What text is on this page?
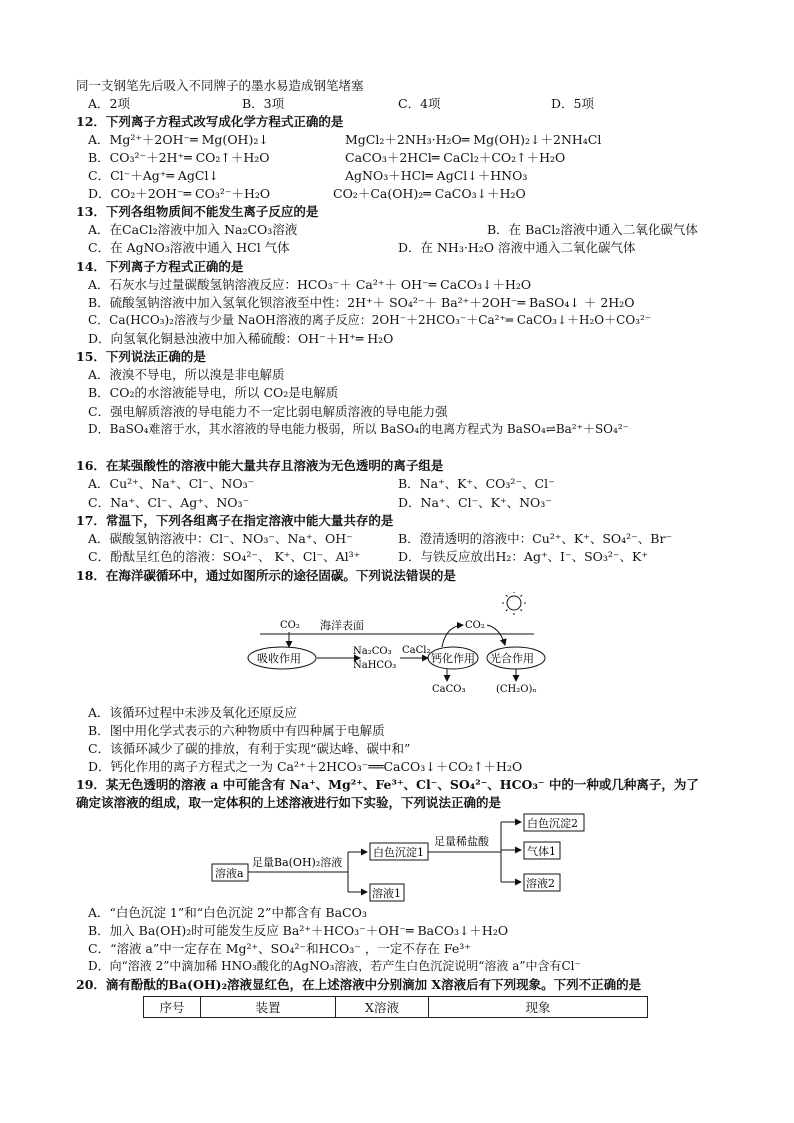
同一支钢笔先后吸入不同牌子的墨水易造成钢笔堵塞
A．2项	B．3项	C．4项	D．5项
12．下列离子方程式改写成化学方程式正确的是
A．Mg²⁺＋2OH⁻═ Mg(OH)₂↓	MgCl₂＋2NH₃·H₂O═ Mg(OH)₂↓＋2NH₄Cl
B．CO₃²⁻＋2H⁺═ CO₂↑＋H₂O	CaCO₃＋2HCl═ CaCl₂＋CO₂↑＋H₂O
C．Cl⁻＋Ag⁺═ AgCl↓	AgNO₃＋HCl═ AgCl↓＋HNO₃
D．CO₂＋2OH⁻═ CO₃²⁻＋H₂O	CO₂＋Ca(OH)₂═ CaCO₃↓＋H₂O
13．下列各组物质间不能发生离子反应的是
A．在CaCl₂溶液中加入 Na₂CO₃溶液	B．在 BaCl₂溶液中通入二氧化碳气体
C．在 AgNO₃溶液中通入 HCl 气体	D．在 NH₃·H₂O 溶液中通入二氧化碳气体
14．下列离子方程式正确的是
A．石灰水与过量碳酸氢钠溶液反应：HCO₃⁻＋ Ca²⁺＋ OH⁻═ CaCO₃↓＋H₂O
B．硫酸氢钠溶液中加入氢氧化钡溶液至中性：2H⁺＋ SO₄²⁻＋ Ba²⁺＋2OH⁻═ BaSO₄↓ ＋ 2H₂O
C．Ca(HCO₃)₂溶液与少量 NaOH溶液的离子反应：2OH⁻＋2HCO₃⁻＋Ca²⁺═ CaCO₃↓＋H₂O＋CO₃²⁻
D．向氢氧化铜悬浊液中加入稀硫酸：OH⁻＋H⁺═ H₂O
15．下列说法正确的是
A．液溴不导电，所以溴是非电解质
B．CO₂的水溶液能导电，所以 CO₂是电解质
C．强电解质溶液的导电能力不一定比弱电解质溶液的导电能力强
D．BaSO₄难溶于水，其水溶液的导电能力极弱，所以 BaSO₄的电离方程式为 BaSO₄⇌Ba²⁺＋SO₄²⁻
16．在某强酸性的溶液中能大量共存且溶液为无色透明的离子组是
A．Cu²⁺、Na⁺、Cl⁻、NO₃⁻	B．Na⁺、K⁺、CO₃²⁻、Cl⁻
C．Na⁺、Cl⁻、Ag⁺、NO₃⁻	D．Na⁺、Cl⁻、K⁺、NO₃⁻
17．常温下，下列各组离子在指定溶液中能大量共存的是
A．碳酸氢钠溶液中：Cl⁻、NO₃⁻、Na⁺、OH⁻	B．澄清透明的溶液中：Cu²⁺、K⁺、SO₄²⁻、Br⁻
C．酚酞呈红色的溶液：SO₄²⁻、 K⁺、Cl⁻、Al³⁺	D．与铁反应放出H₂：Ag⁺、I⁻、SO₃²⁻、K⁺
18．在海洋碳循环中，通过如图所示的途径固碳。下列说法错误的是
海洋表面
CO₂
吸收作用
Na₂CO₃
NaHCO₃
CaCl₂
钙化作用
CO₂
光合作用
CaCO₃	(CH₂O)ₙ
A．该循环过程中未涉及氧化还原反应
B．图中用化学式表示的六种物质中有四种属于电解质
C．该循环减少了碳的排放，有利于实现“碳达峰、碳中和”
D．钙化作用的离子方程式之一为 Ca²⁺＋2HCO₃⁻══CaCO₃↓＋CO₂↑＋H₂O
19．某无色透明的溶液 a 中可能含有 Na⁺、Mg²⁺、Fe³⁺、Cl⁻、SO₄²⁻、HCO₃⁻ 中的一种或几种离子，为了
确定该溶液的组成，取一定体积的上述溶液进行如下实验，下列说法正确的是
溶液a
足量Ba(OH)₂溶液
白色沉淀1
溶液1
足量稀盐酸
白色沉淀2
气体1
溶液2
A．“白色沉淀 1”和“白色沉淀 2”中都含有 BaCO₃
B．加入 Ba(OH)₂时可能发生反应 Ba²⁺＋HCO₃⁻＋OH⁻═ BaCO₃↓＋H₂O
C．“溶液 a”中一定存在 Mg²⁺、SO₄²⁻和HCO₃⁻ ，一定不存在 Fe³⁺
D．向“溶液 2”中滴加稀 HNO₃酸化的AgNO₃溶液，若产生白色沉淀说明“溶液 a”中含有Cl⁻
20．滴有酚酞的Ba(OH)₂溶液显红色，在上述溶液中分别滴加 X溶液后有下列现象。下列不正确的是
序号	装置	X溶液	现象
